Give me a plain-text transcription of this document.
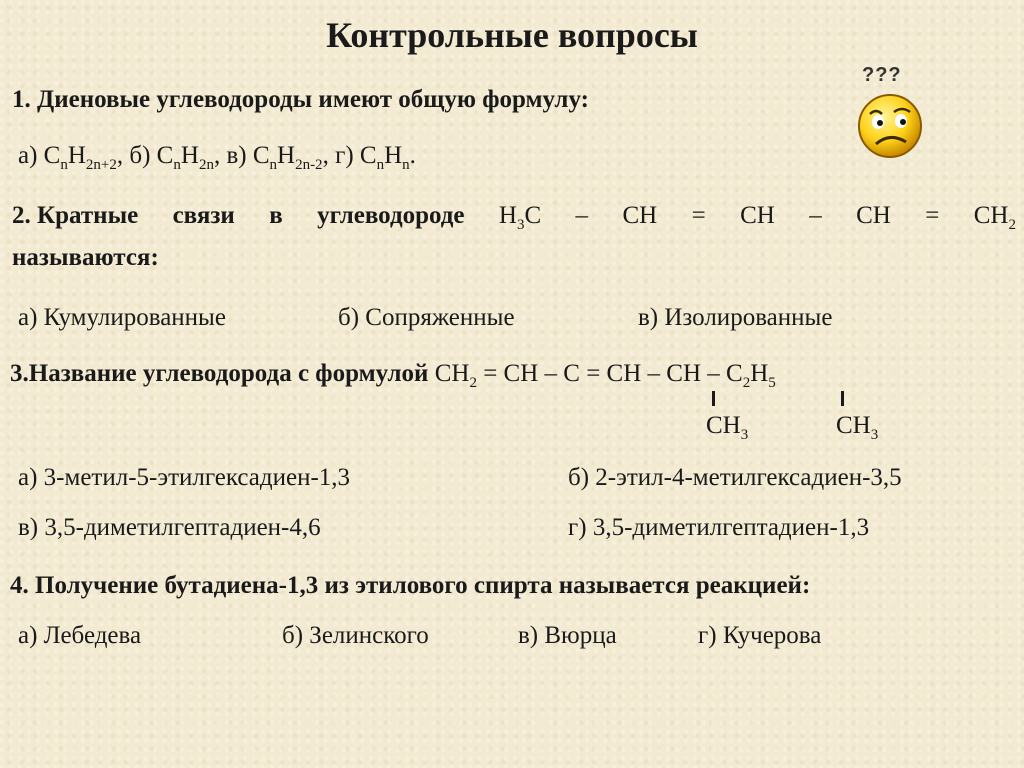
Контрольные вопросы
???
1. Диеновые углеводороды имеют общую формулу:
а) $C_nH_{2n+2}$, б) $C_nH_{2n}$, в) $C_nH_{2n-2}$, г) $C_nH_n$.
2. Кратные связи в углеводороде $H_3C$ – CH = CH – CH = $CH_2$
называются:
а) Кумулированные	б) Сопряженные	в) Изолированные
3.Название углеводорода с формулой $CH_2$ = CH – C = CH – CH – $C_2H_5$
$CH_3$	$CH_3$
а) 3-метил-5-этилгексадиен-1,3	б) 2-этил-4-метилгексадиен-3,5
в) 3,5-диметилгептадиен-4,6	г) 3,5-диметилгептадиен-1,3
4. Получение бутадиена-1,3 из этилового спирта называется реакцией:
а) Лебедева	б) Зелинского	в) Вюрца	г) Кучерова
